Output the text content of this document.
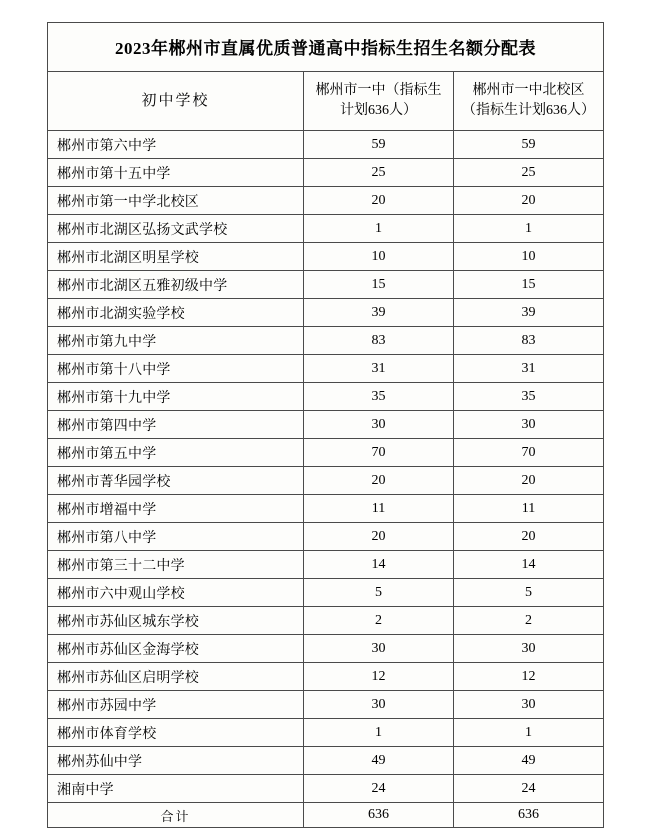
2023年郴州市直属优质普通高中指标生招生名额分配表		
初中学校	郴州市一中（指标生计划636人）	郴州市一中北校区（指标生计划636人）
郴州市第六中学	59	59
郴州市第十五中学	25	25
郴州市第一中学北校区	20	20
郴州市北湖区弘扬文武学校	1	1
郴州市北湖区明星学校	10	10
郴州市北湖区五雅初级中学	15	15
郴州市北湖实验学校	39	39
郴州市第九中学	83	83
郴州市第十八中学	31	31
郴州市第十九中学	35	35
郴州市第四中学	30	30
郴州市第五中学	70	70
郴州市菁华园学校	20	20
郴州市增福中学	11	11
郴州市第八中学	20	20
郴州市第三十二中学	14	14
郴州市六中观山学校	5	5
郴州市苏仙区城东学校	2	2
郴州市苏仙区金海学校	30	30
郴州市苏仙区启明学校	12	12
郴州市苏园中学	30	30
郴州市体育学校	1	1
郴州苏仙中学	49	49
湘南中学	24	24
合计	636	636
